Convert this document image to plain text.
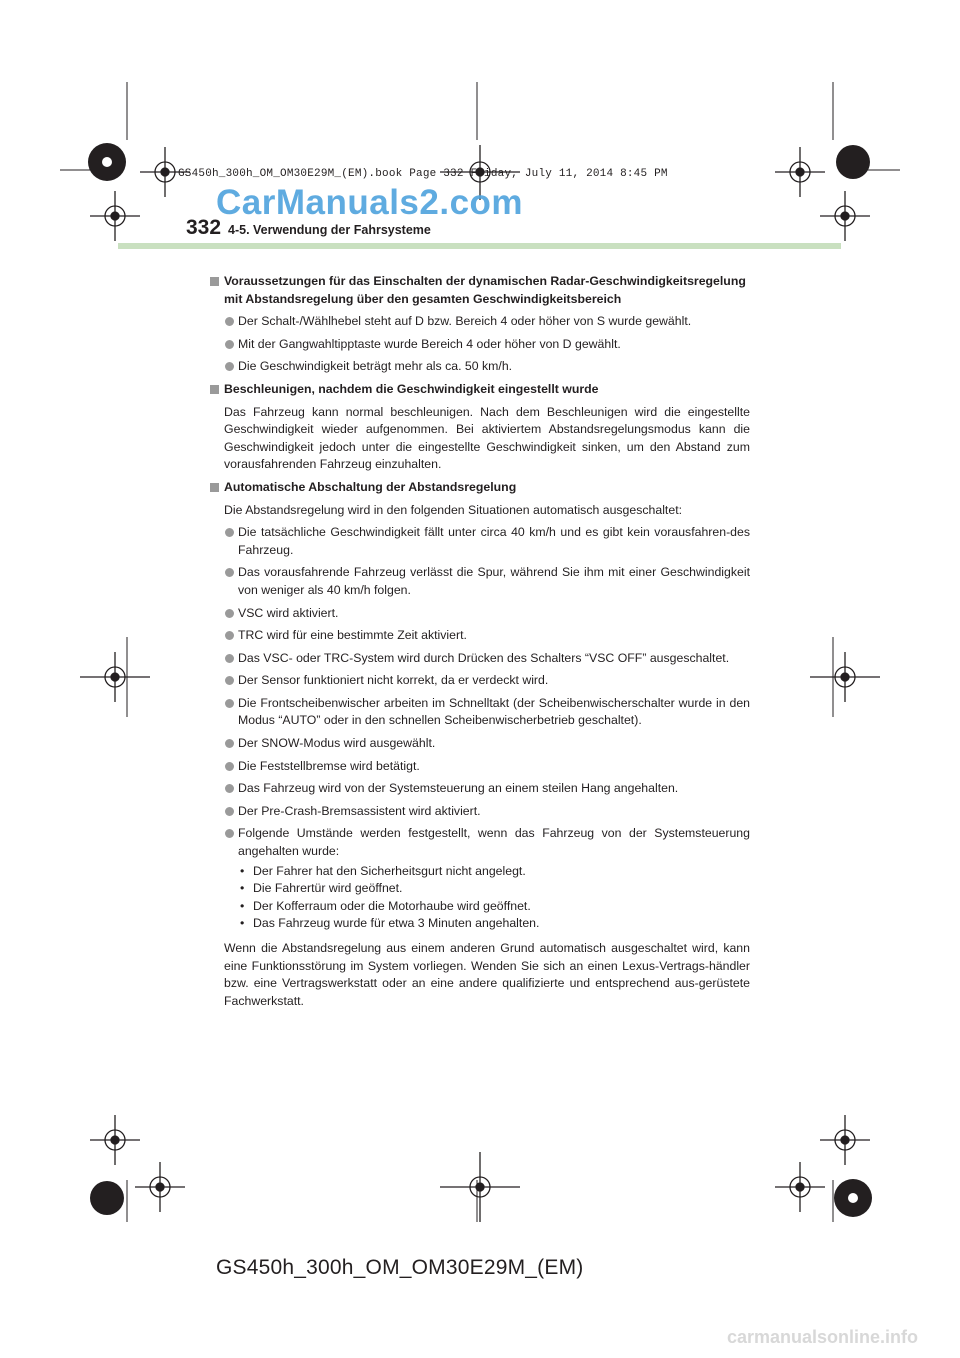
GS450h_300h_OM_OM30E29M_(EM).book Page 332 Friday, July 11, 2014 8:45 PM
CarManuals2.com
332 4-5. Verwendung der Fahrsysteme
Voraussetzungen für das Einschalten der dynamischen Radar-Geschwindigkeitsregelung mit Abstandsregelung über den gesamten Geschwindigkeitsbereich
Der Schalt-/Wählhebel steht auf D bzw. Bereich 4 oder höher von S wurde gewählt.
Mit der Gangwahltipptaste wurde Bereich 4 oder höher von D gewählt.
Die Geschwindigkeit beträgt mehr als ca. 50 km/h.
Beschleunigen, nachdem die Geschwindigkeit eingestellt wurde

Das Fahrzeug kann normal beschleunigen. Nach dem Beschleunigen wird die eingestellte Geschwindigkeit wieder aufgenommen. Bei aktiviertem Abstandsregelungsmodus kann die Geschwindigkeit jedoch unter die eingestellte Geschwindigkeit sinken, um den Abstand zum vorausfahrenden Fahrzeug einzuhalten.

Automatische Abschaltung der Abstandsregelung

Die Abstandsregelung wird in den folgenden Situationen automatisch ausgeschaltet:

Die tatsächliche Geschwindigkeit fällt unter circa 40 km/h und es gibt kein vorausfahren-des Fahrzeug.
Das vorausfahrende Fahrzeug verlässt die Spur, während Sie ihm mit einer Geschwindigkeit von weniger als 40 km/h folgen.
VSC wird aktiviert.
TRC wird für eine bestimmte Zeit aktiviert.
Das VSC- oder TRC-System wird durch Drücken des Schalters “VSC OFF” ausgeschaltet.
Der Sensor funktioniert nicht korrekt, da er verdeckt wird.
Die Frontscheibenwischer arbeiten im Schnelltakt (der Scheibenwischerschalter wurde in den Modus “AUTO” oder in den schnellen Scheibenwischerbetrieb geschaltet).
Der SNOW-Modus wird ausgewählt.
Die Feststellbremse wird betätigt.
Das Fahrzeug wird von der Systemsteuerung an einem steilen Hang angehalten.
Der Pre-Crash-Bremsassistent wird aktiviert.
Folgende Umstände werden festgestellt, wenn das Fahrzeug von der Systemsteuerung angehalten wurde:
• Der Fahrer hat den Sicherheitsgurt nicht angelegt.
• Die Fahrertür wird geöffnet.
• Der Kofferraum oder die Motorhaube wird geöffnet.
• Das Fahrzeug wurde für etwa 3 Minuten angehalten.

Wenn die Abstandsregelung aus einem anderen Grund automatisch ausgeschaltet wird, kann eine Funktionsstörung im System vorliegen. Wenden Sie sich an einen Lexus-Vertrags-händler bzw. eine Vertragswerkstatt oder an eine andere qualifizierte und entsprechend aus-gerüstete Fachwerkstatt.

GS450h_300h_OM_OM30E29M_(EM)
carmanualsonline.info
